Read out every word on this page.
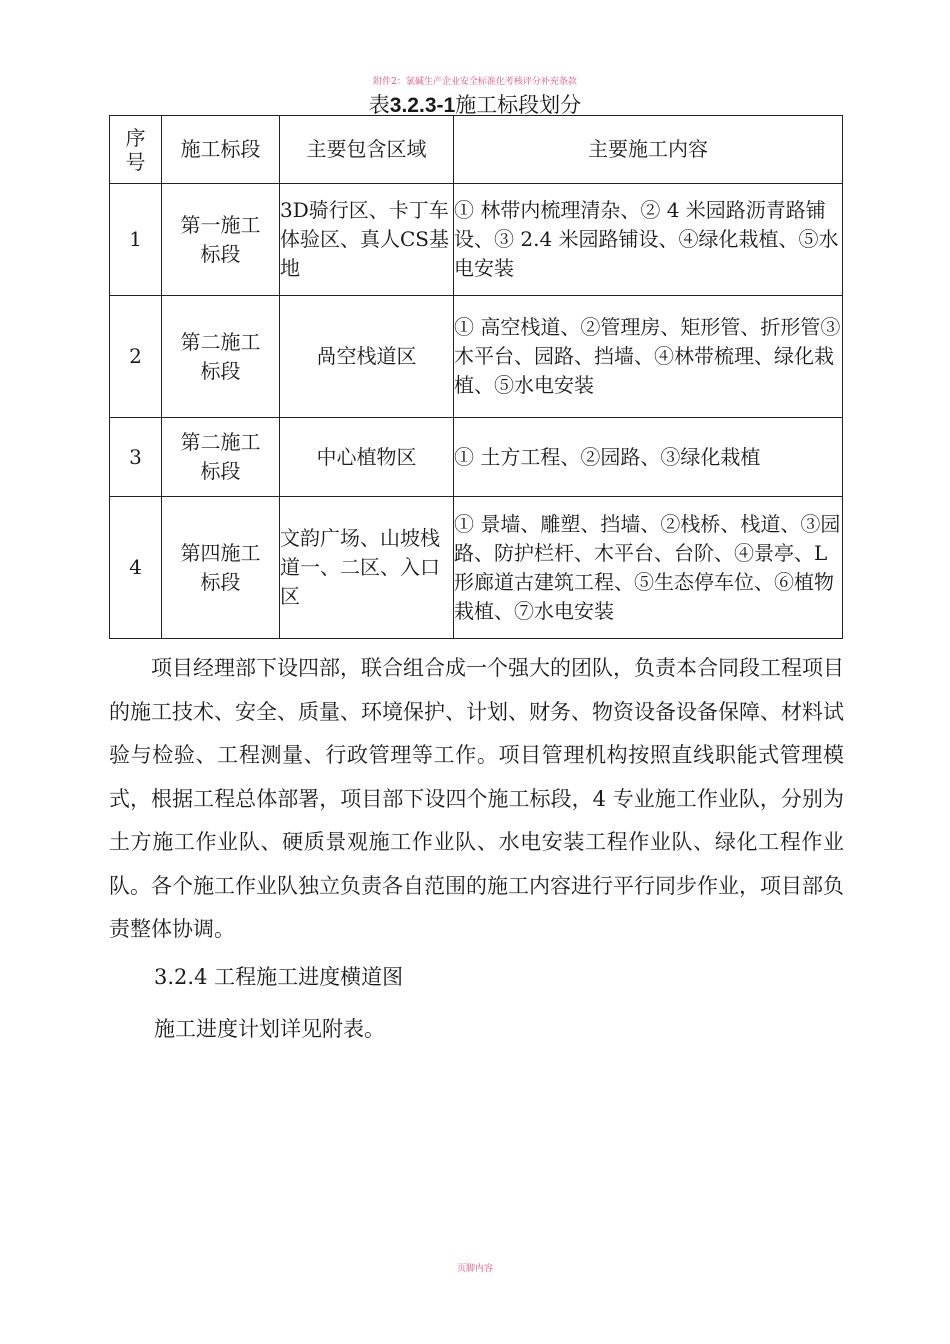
附件2：氯碱生产企业安全标准化考核评分补充条款
表3.2.3-1施工标段划分
序号	施工标段	主要包含区域	主要施工内容
1	第一施工标段	3D骑行区、卡丁车体验区、真人CS基地	① 林带内梳理清杂、② 4 米园路沥青路铺设、③ 2.4 米园路铺设、④绿化栽植、⑤水电安装
2	第二施工标段	咼空栈道区	① 高空栈道、②管理房、矩形管、折形管③木平台、园路、挡墙、④林带梳理、绿化栽植、⑤水电安装
3	第二施工标段	中心植物区	① 土方工程、②园路、③绿化栽植
4	第四施工标段	文韵广场、山坡栈道一、二区、入口区	① 景墙、雕塑、挡墙、②栈桥、栈道、③园路、防护栏杆、木平台、台阶、④景亭、L 形廊道古建筑工程、⑤生态停车位、⑥植物栽植、⑦水电安装

项目经理部下设四部，联合组合成一个强大的团队，负责本合同段工程项目的施工技术、安全、质量、环境保护、计划、财务、物资设备设备保障、材料试验与检验、工程测量、行政管理等工作。项目管理机构按照直线职能式管理模式，根据工程总体部署，项目部下设四个施工标段，4 专业施工作业队，分别为土方施工作业队、硬质景观施工作业队、水电安装工程作业队、绿化工程作业队。各个施工作业队独立负责各自范围的施工内容进行平行同步作业，项目部负责整体协调。

3.2.4 工程施工进度横道图
施工进度计划详见附表。
页脚内容
